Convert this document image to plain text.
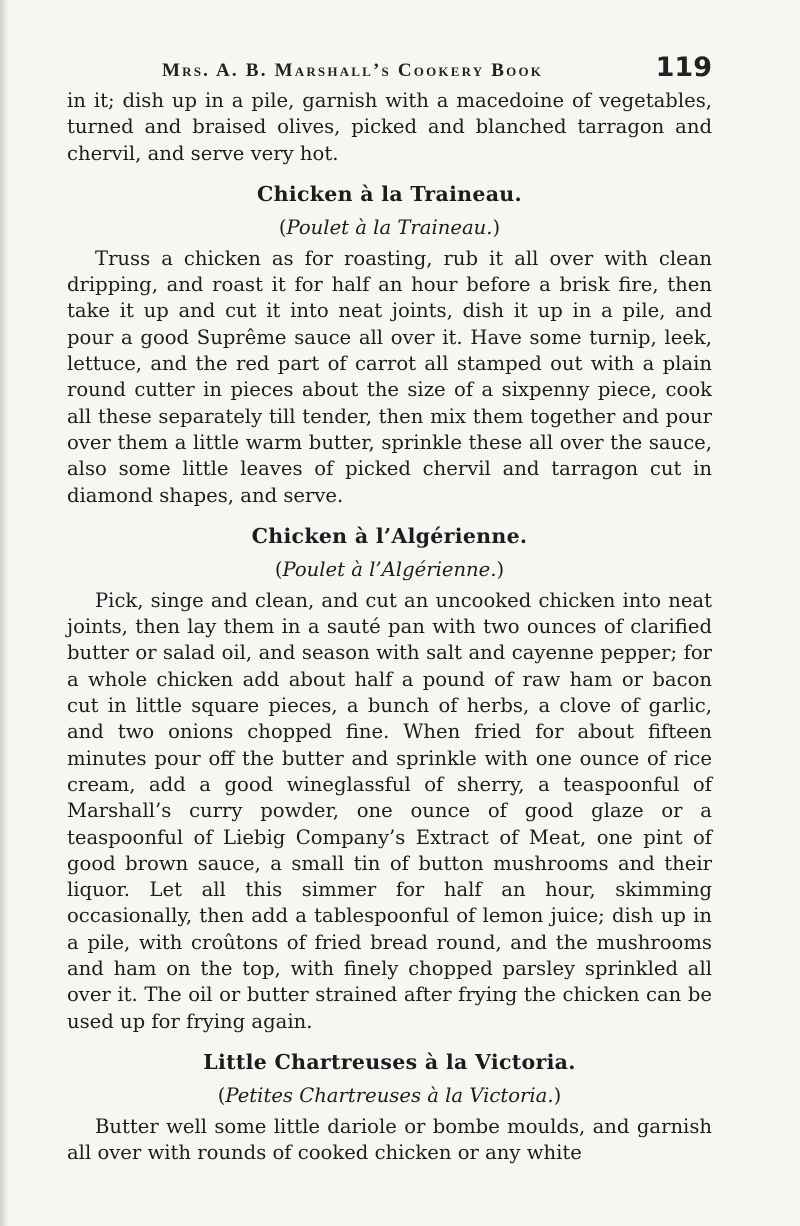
Mrs. A. B. Marshall’s Cookery Book	119

in it; dish up in a pile, garnish with a macedoine of vegetables, turned and braised olives, picked and blanched tarragon and chervil, and serve very hot.

Chicken à la Traineau.

(Poulet à la Traineau.)

Truss a chicken as for roasting, rub it all over with clean dripping, and roast it for half an hour before a brisk fire, then take it up and cut it into neat joints, dish it up in a pile, and pour a good Suprême sauce all over it. Have some turnip, leek, lettuce, and the red part of carrot all stamped out with a plain round cutter in pieces about the size of a sixpenny piece, cook all these separately till tender, then mix them together and pour over them a little warm butter, sprinkle these all over the sauce, also some little leaves of picked chervil and tarragon cut in diamond shapes, and serve.

Chicken à l’Algérienne.

(Poulet à l’Algérienne.)

Pick, singe and clean, and cut an uncooked chicken into neat joints, then lay them in a sauté pan with two ounces of clarified butter or salad oil, and season with salt and cayenne pepper; for a whole chicken add about half a pound of raw ham or bacon cut in little square pieces, a bunch of herbs, a clove of garlic, and two onions chopped fine. When fried for about fifteen minutes pour off the butter and sprinkle with one ounce of rice cream, add a good wineglassful of sherry, a teaspoonful of Marshall’s curry powder, one ounce of good glaze or a teaspoonful of Liebig Company’s Extract of Meat, one pint of good brown sauce, a small tin of button mushrooms and their liquor. Let all this simmer for half an hour, skimming occasionally, then add a tablespoonful of lemon juice; dish up in a pile, with croûtons of fried bread round, and the mushrooms and ham on the top, with finely chopped parsley sprinkled all over it. The oil or butter strained after frying the chicken can be used up for frying again.

Little Chartreuses à la Victoria.

(Petites Chartreuses à la Victoria.)

Butter well some little dariole or bombe moulds, and garnish all over with rounds of cooked chicken or any white
